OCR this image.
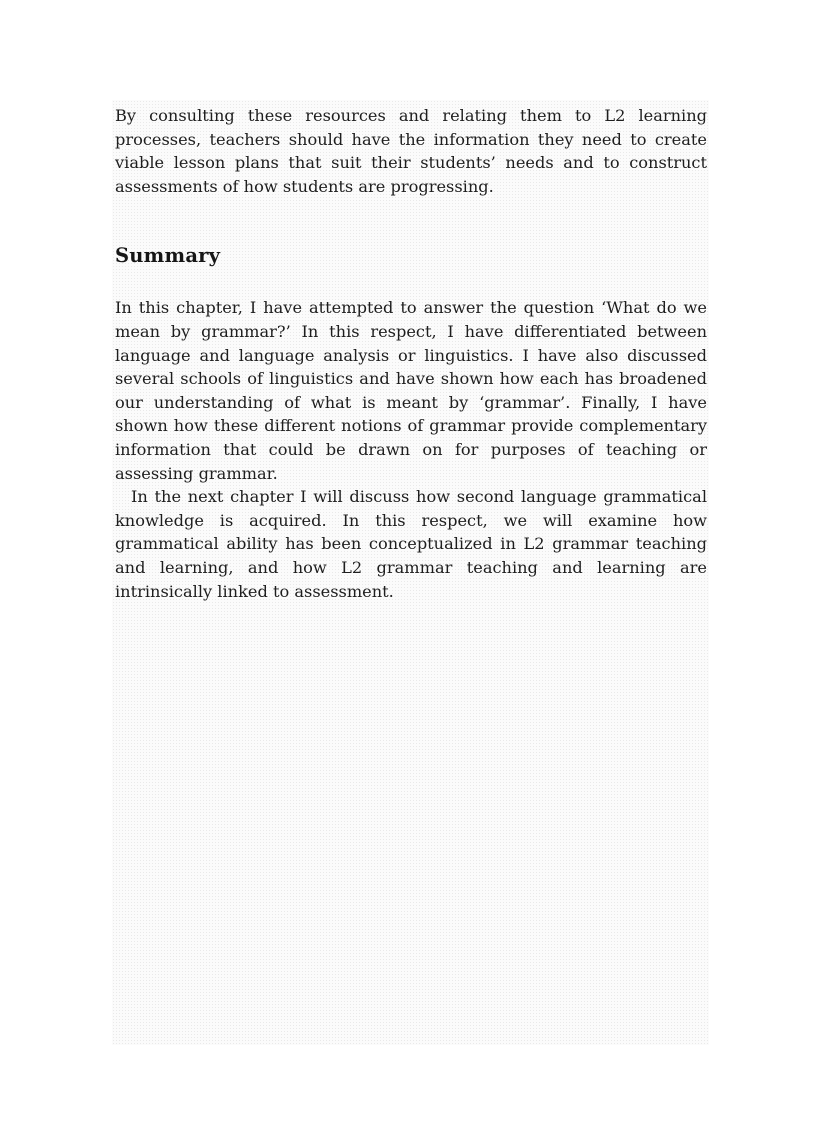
By consulting these resources and relating them to L2 learning processes, teachers should have the information they need to create viable lesson plans that suit their students’ needs and to construct assessments of how students are progressing.

Summary

In this chapter, I have attempted to answer the question ‘What do we mean by grammar?’ In this respect, I have differentiated between language and language analysis or linguistics. I have also discussed several schools of linguistics and have shown how each has broadened our understanding of what is meant by ‘grammar’. Finally, I have shown how these different notions of grammar provide complementary information that could be drawn on for purposes of teaching or assessing grammar.

In the next chapter I will discuss how second language grammatical knowledge is acquired. In this respect, we will examine how grammatical ability has been conceptualized in L2 grammar teaching and learning, and how L2 grammar teaching and learning are intrinsically linked to assessment.
